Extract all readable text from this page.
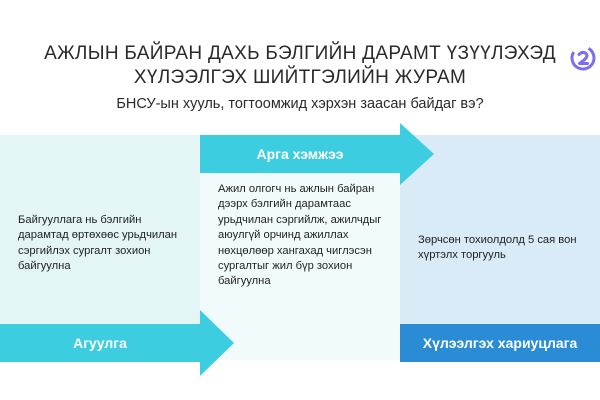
АЖЛЫН БАЙРАН ДАХЬ БЭЛГИЙН ДАРАМТ ҮЗҮҮЛЭХЭД
ХҮЛЭЭЛГЭХ ШИЙТГЭЛИЙН ЖУРАМ
БНСУ-ын хууль, тогтоомжид хэрхэн заасан байдаг вэ?
Арга хэмжээ
Агуулга	Хүлээлгэх хариуцлага
Байгууллага нь бэлгийн дарамтад өртөхөөс урьдчилан сэргийлэх сургалт зохион байгуулна
Ажил олгогч нь ажлын байран дээрх бэлгийн дарамтаас урьдчилан сэргийлж, ажилчдыг аюулгүй орчинд ажиллах нөхцөлөөр хангахад чиглэсэн сургалтыг жил бүр зохион байгуулна
Зөрчсөн тохиолдолд 5 сая вон хүртэлх торгууль
